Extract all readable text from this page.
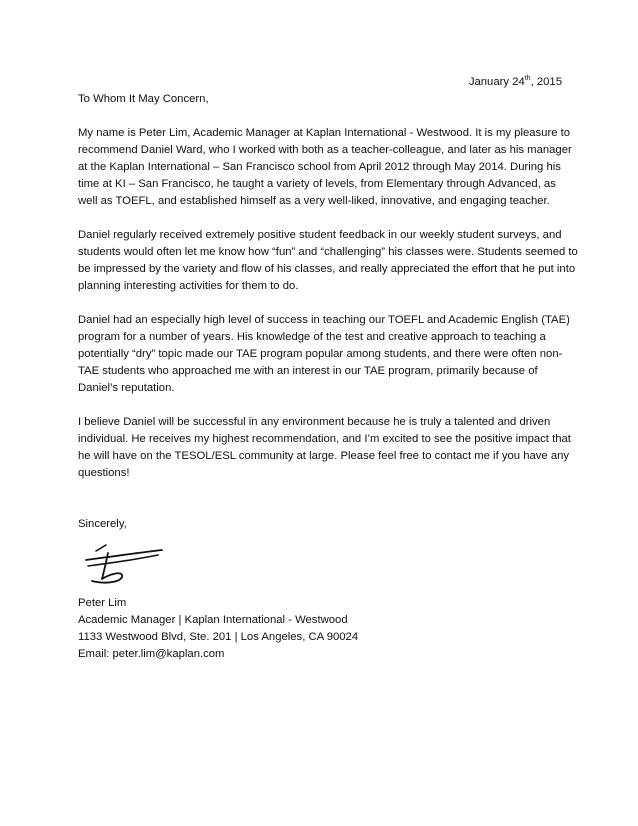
January 24th, 2015

To Whom It May Concern,

My name is Peter Lim, Academic Manager at Kaplan International - Westwood. It is my pleasure to recommend Daniel Ward, who I worked with both as a teacher-colleague, and later as his manager at the Kaplan International – San Francisco school from April 2012 through May 2014. During his time at KI – San Francisco, he taught a variety of levels, from Elementary through Advanced, as well as TOEFL, and established himself as a very well-liked, innovative, and engaging teacher.

Daniel regularly received extremely positive student feedback in our weekly student surveys, and students would often let me know how “fun” and “challenging” his classes were. Students seemed to be impressed by the variety and flow of his classes, and really appreciated the effort that he put into planning interesting activities for them to do.

Daniel had an especially high level of success in teaching our TOEFL and Academic English (TAE) program for a number of years. His knowledge of the test and creative approach to teaching a potentially “dry” topic made our TAE program popular among students, and there were often non-TAE students who approached me with an interest in our TAE program, primarily because of Daniel’s reputation.

I believe Daniel will be successful in any environment because he is truly a talented and driven individual. He receives my highest recommendation, and I’m excited to see the positive impact that he will have on the TESOL/ESL community at large. Please feel free to contact me if you have any questions!

Sincerely,

Peter Lim
Academic Manager | Kaplan International - Westwood
1133 Westwood Blvd, Ste. 201 | Los Angeles, CA 90024
Email: peter.lim@kaplan.com
